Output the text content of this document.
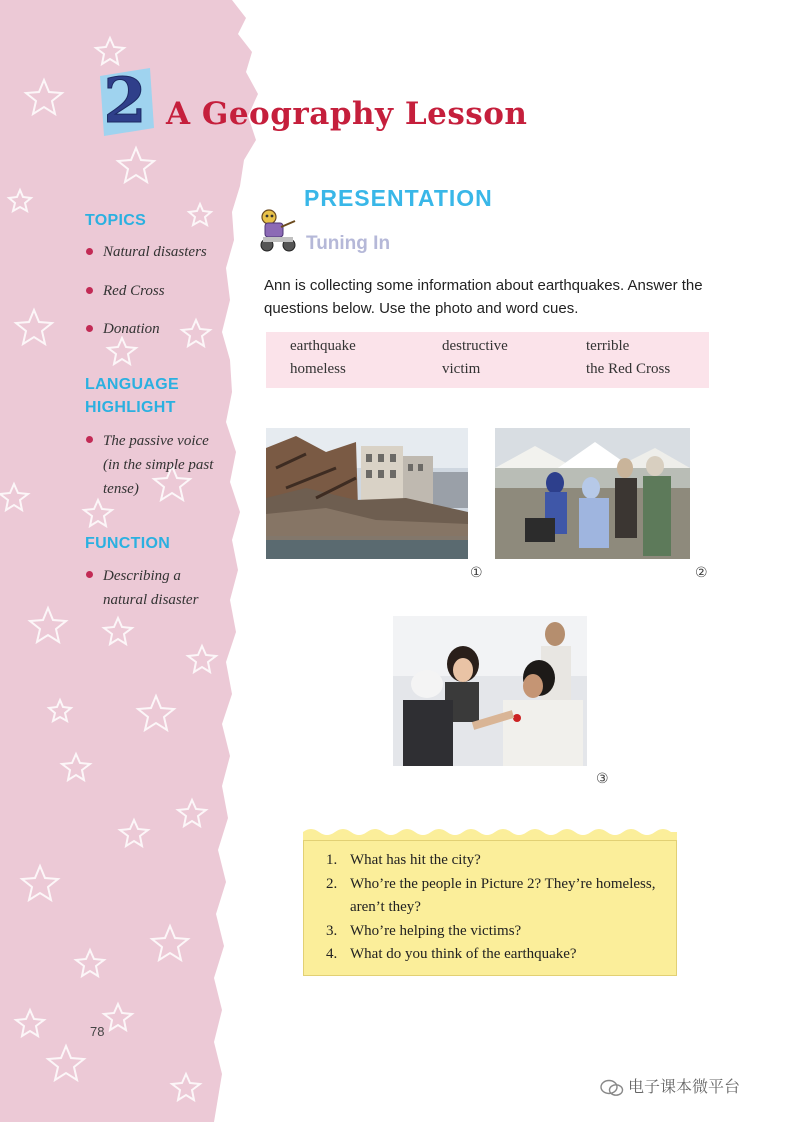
2 A Geography Lesson
TOPICS
Natural disasters
Red Cross
Donation
LANGUAGE
HIGHLIGHT
The passive voice
(in the simple past
tense)
FUNCTION
Describing a
natural disaster
PRESENTATION
Tuning In
Ann is collecting some information about earthquakes. Answer the questions below. Use the photo and word cues.
earthquake	destructive	terrible
homeless	victim	the Red Cross
①	②
③
1. What has hit the city?
2. Who’re the people in Picture 2? They’re homeless, aren’t they?
3. Who’re helping the victims?
4. What do you think of the earthquake?
78
电子课本微平台
